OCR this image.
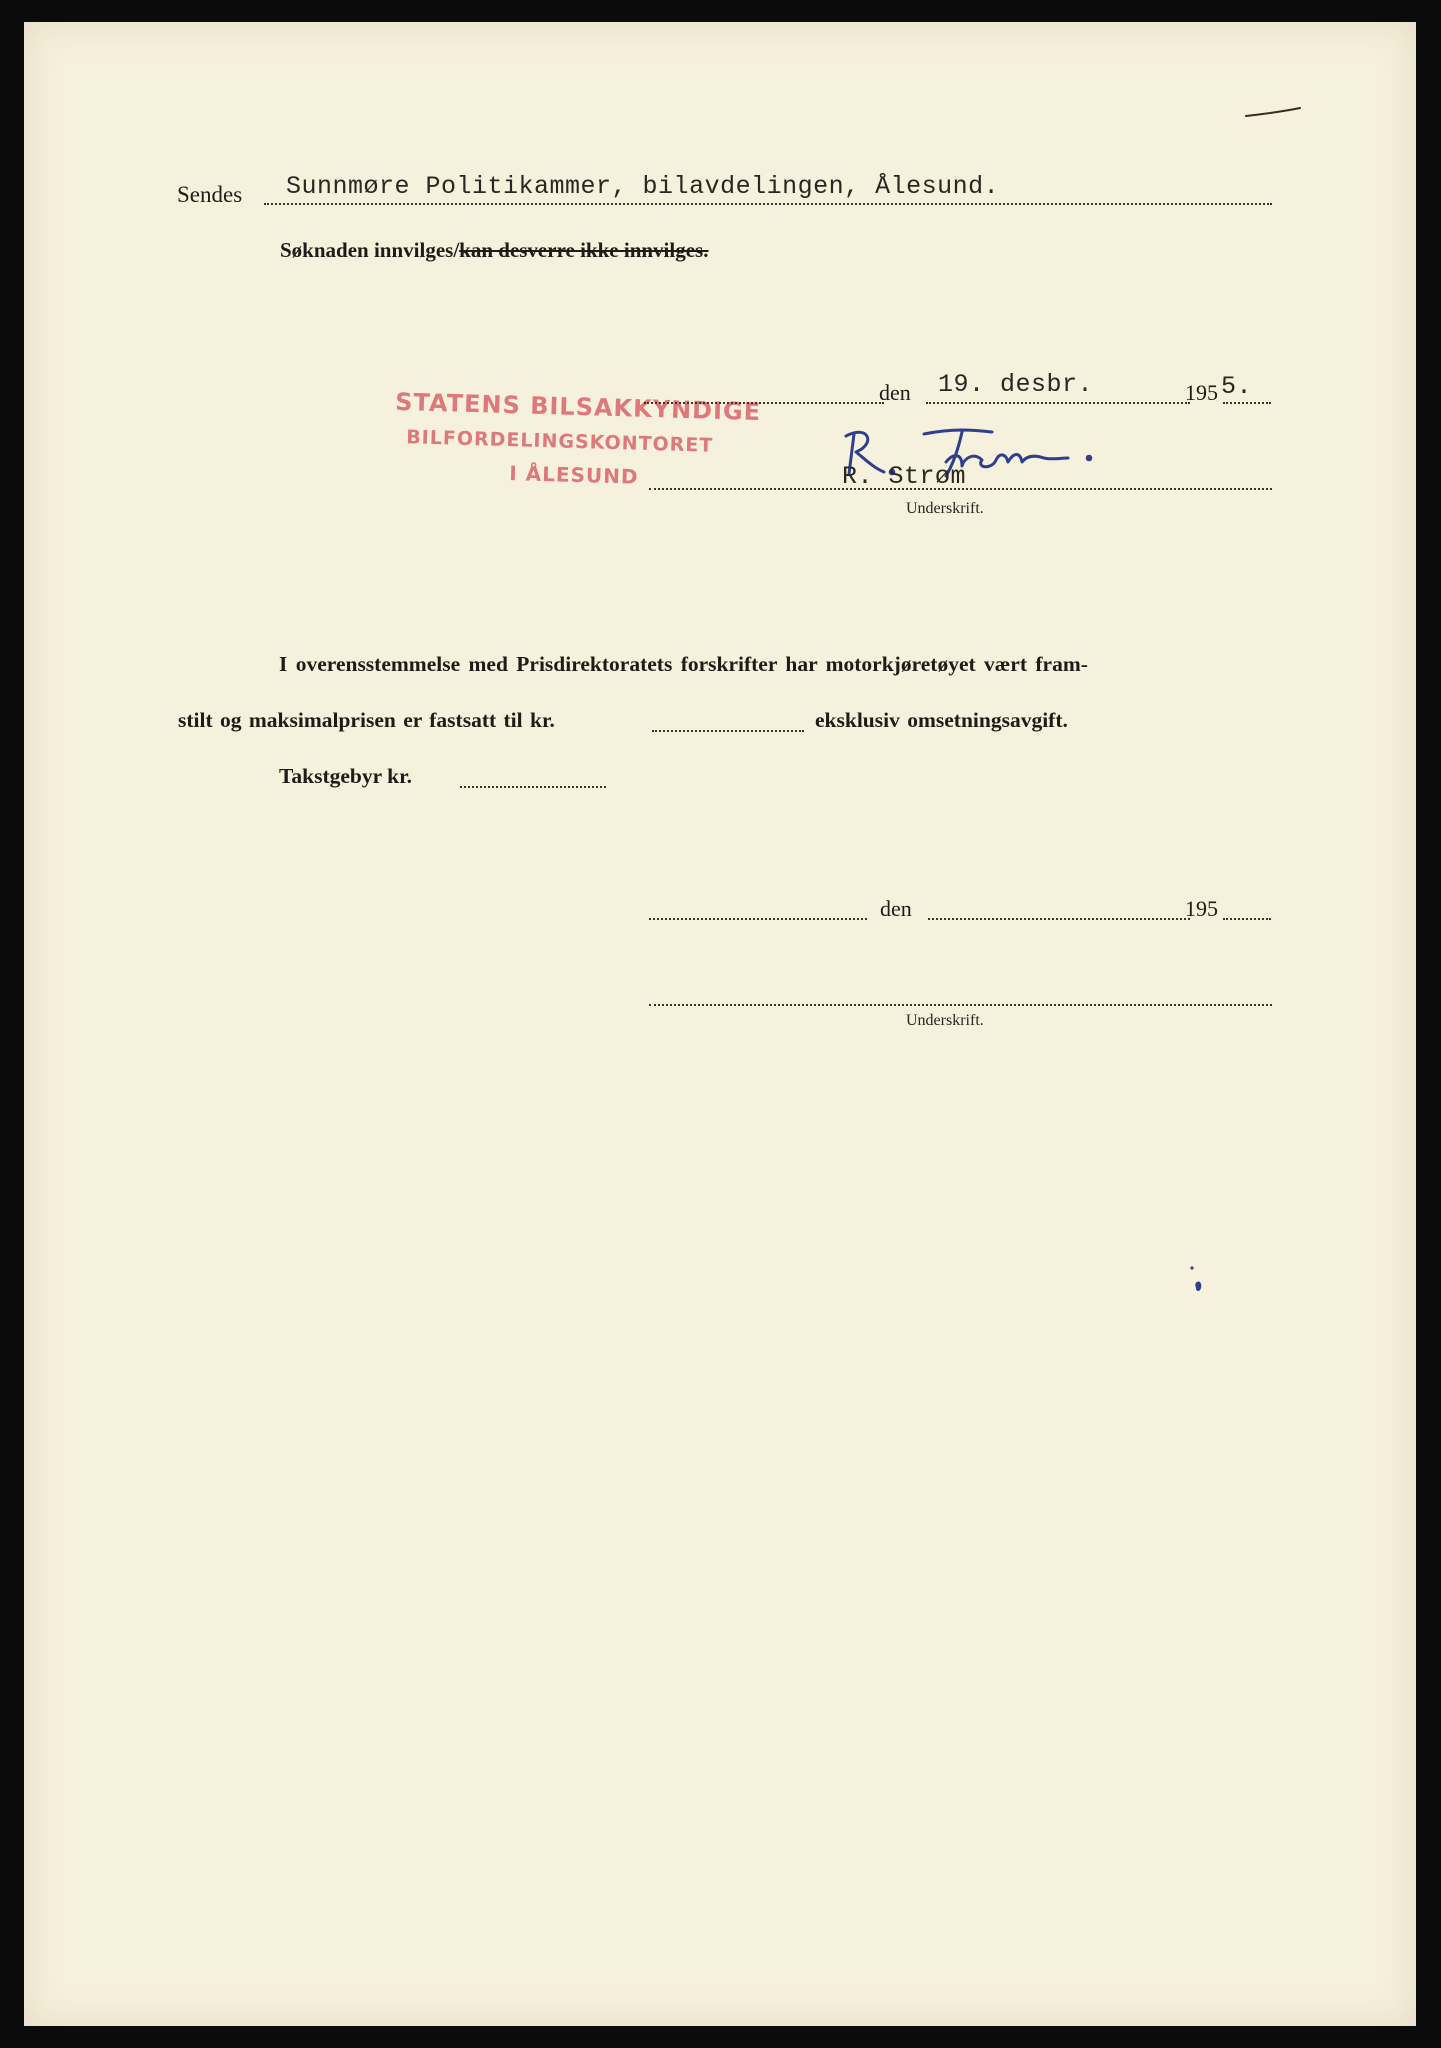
Sendes Sunnmøre Politikammer, bilavdelingen, Ålesund.
Søknaden innvilges/kan desverre ikke innvilges.
STATENS BILSAKKYNDIGE
BILFORDELINGSKONTORET
I ÅLESUND
den 19. desbr.	195 5.
R. Strøm
Underskrift.
I overensstemmelse med Prisdirektoratets forskrifter har motorkjøretøyet vært fram-
stilt og maksimalprisen er fastsatt til kr.	eksklusiv omsetningsavgift.
Takstgebyr kr.
den	195
Underskrift.
